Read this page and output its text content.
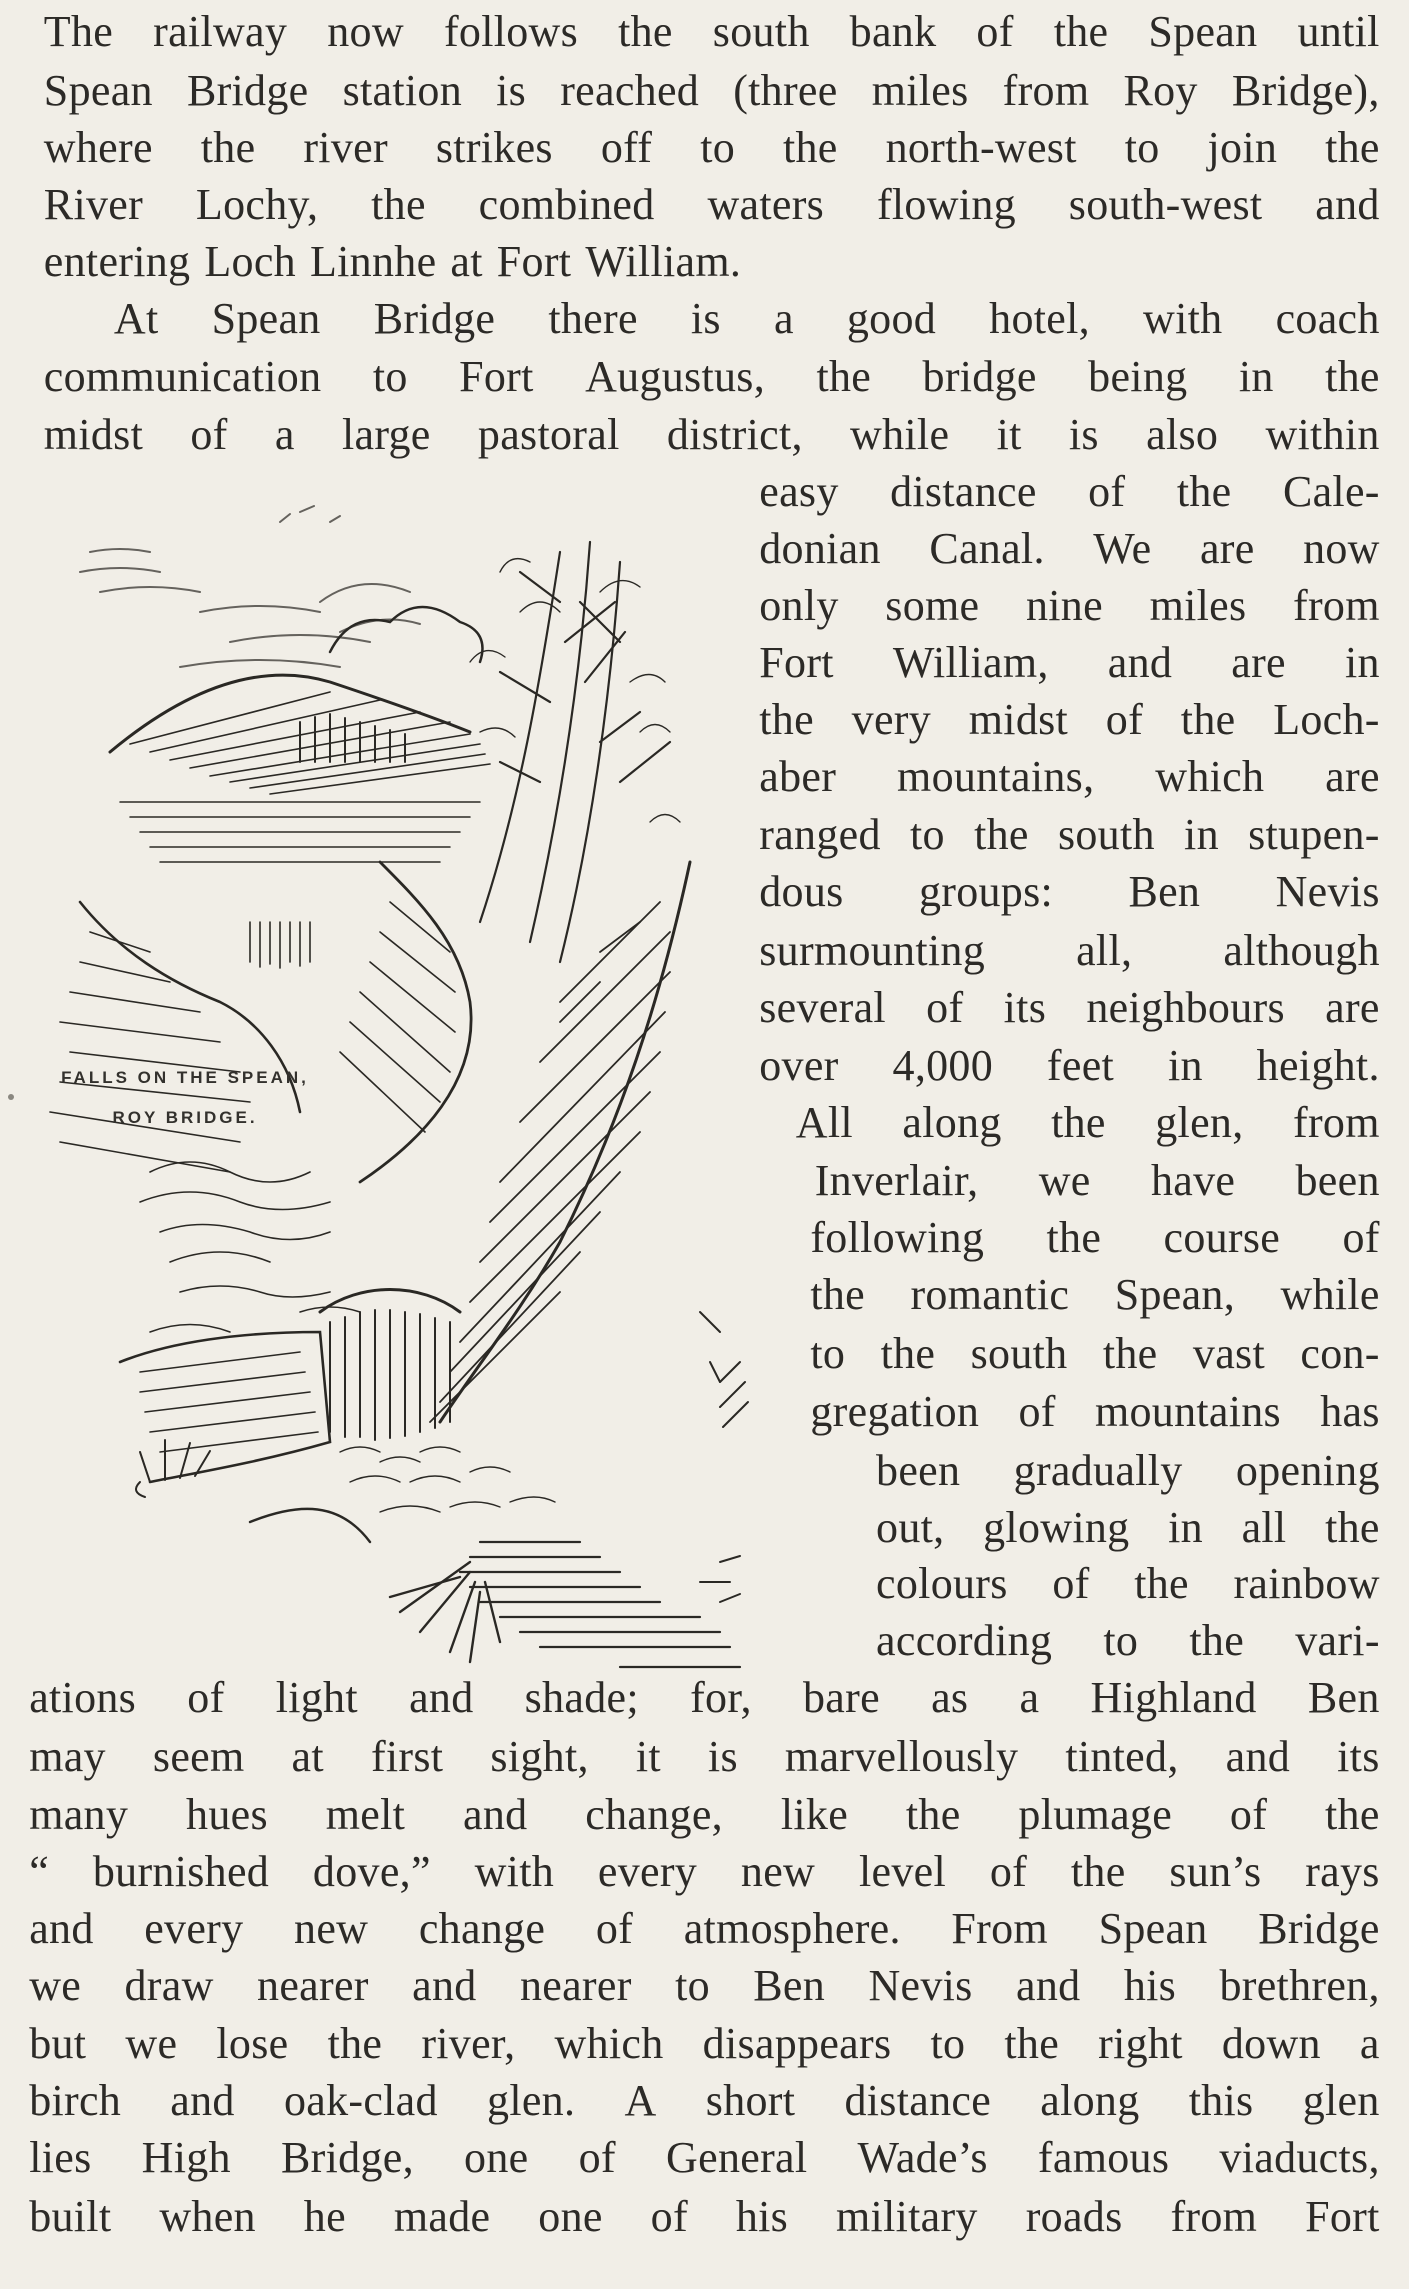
FALLS ON THE SPEAN,
ROY BRIDGE.
The railway now follows the south bank of the Spean until
Spean Bridge station is reached (three miles from Roy Bridge),
where the river strikes off to the north-west to join the
River Lochy, the combined waters flowing south-west and
entering Loch Linnhe at Fort William.
At Spean Bridge there is a good hotel, with coach
communication to Fort Augustus, the bridge being in the
midst of a large pastoral district, while it is also within
easy distance of the Cale-
donian Canal. We are now
only some nine miles from
Fort William, and are in
the very midst of the Loch-
aber mountains, which are
ranged to the south in stupen-
dous groups: Ben Nevis
surmounting all, although
several of its neighbours are
over 4,000 feet in height.
All along the glen, from
Inverlair, we have been
following the course of
the romantic Spean, while
to the south the vast con-
gregation of mountains has
been gradually opening
out, glowing in all the
colours of the rainbow
according to the vari-
ations of light and shade; for, bare as a Highland Ben
may seem at first sight, it is marvellously tinted, and its
many hues melt and change, like the plumage of the
“ burnished dove,” with every new level of the sun’s rays
and every new change of atmosphere. From Spean Bridge
we draw nearer and nearer to Ben Nevis and his brethren,
but we lose the river, which disappears to the right down a
birch and oak-clad glen. A short distance along this glen
lies High Bridge, one of General Wade’s famous viaducts,
built when he made one of his military roads from Fort
